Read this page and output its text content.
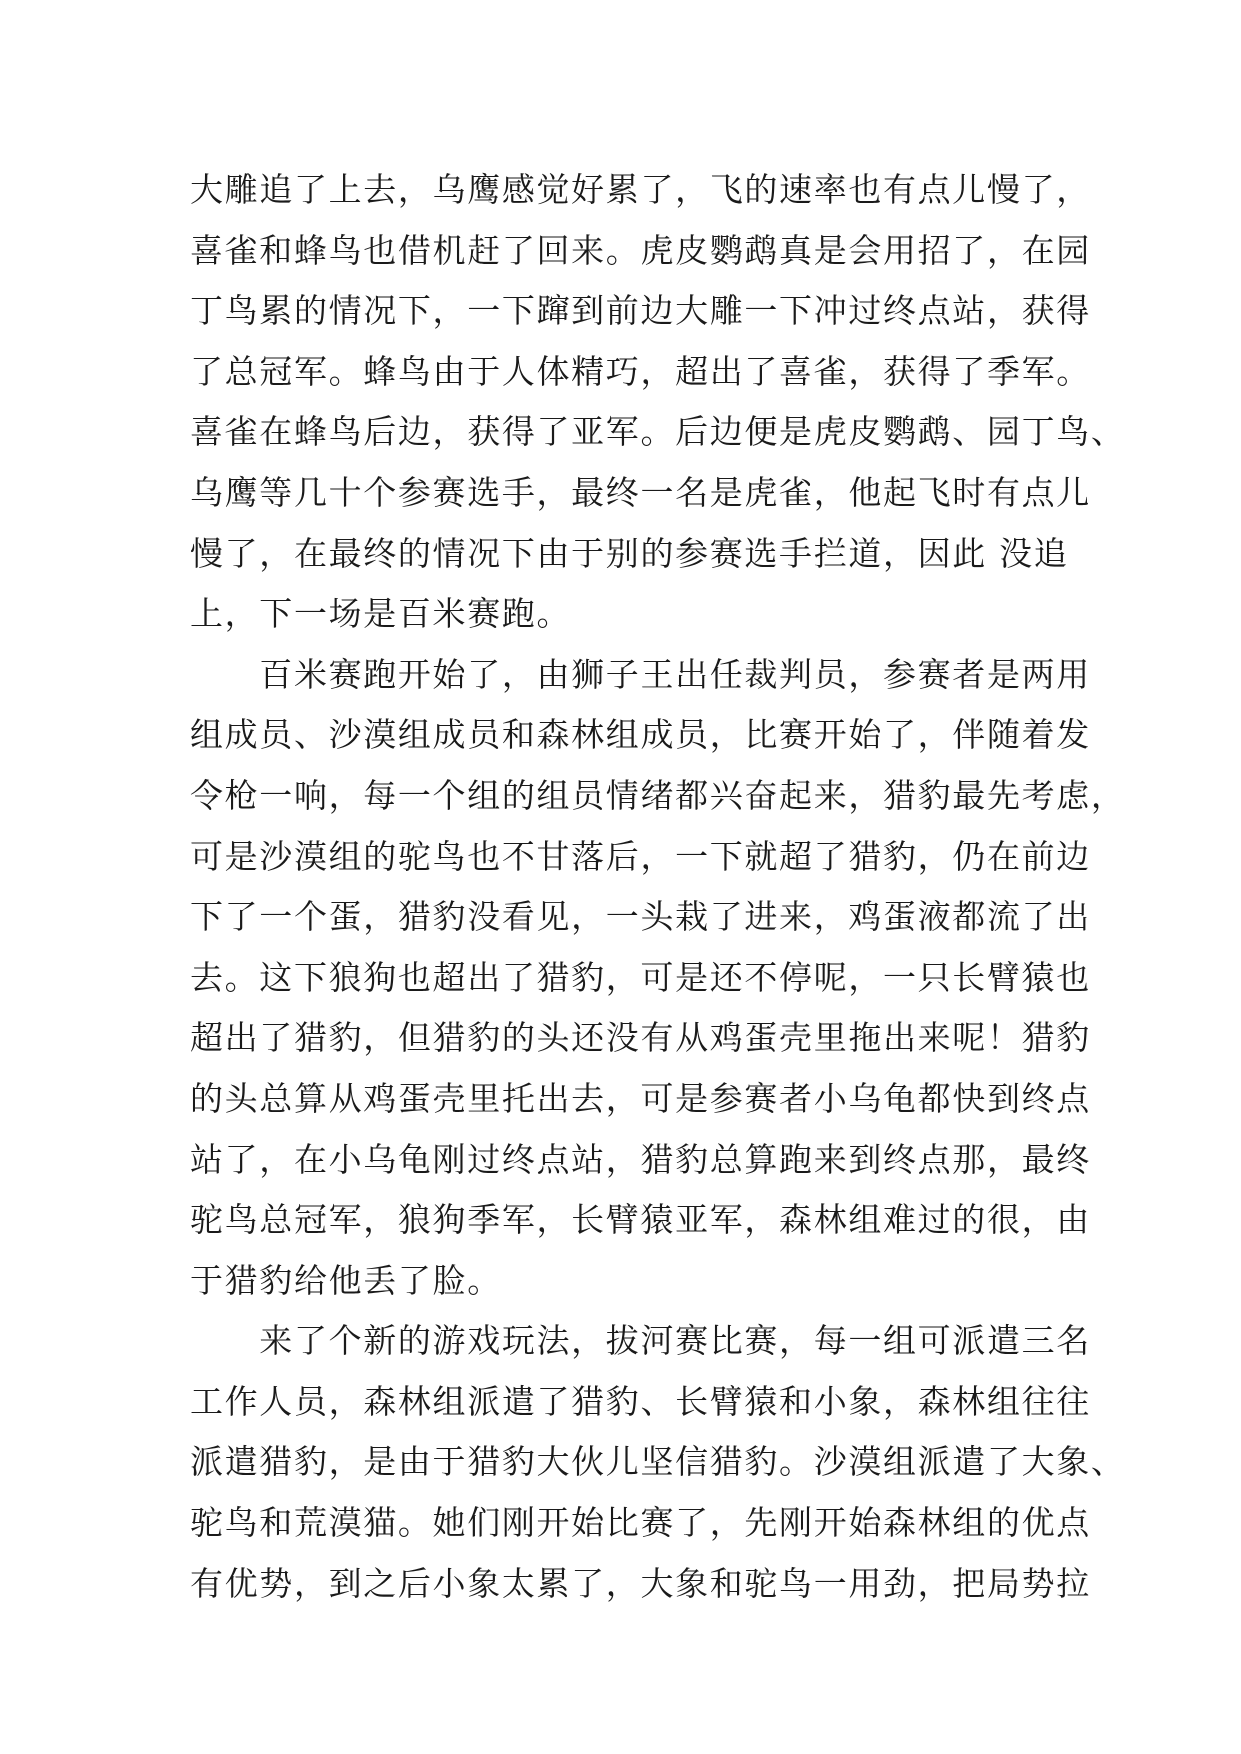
大雕追了上去，乌鹰感觉好累了，飞的速率也有点儿慢了，
喜雀和蜂鸟也借机赶了回来。虎皮鹦鹉真是会用招了，在园
丁鸟累的情况下，一下蹿到前边大雕一下冲过终点站，获得
了总冠军。蜂鸟由于人体精巧，超出了喜雀，获得了季军。
喜雀在蜂鸟后边，获得了亚军。后边便是虎皮鹦鹉、园丁鸟、
乌鹰等几十个参赛选手，最终一名是虎雀，他起飞时有点儿
慢了，在最终的情况下由于别的参赛选手拦道，因此 没追
上，下一场是百米赛跑。
　　百米赛跑开始了，由狮子王出任裁判员，参赛者是两用
组成员、沙漠组成员和森林组成员，比赛开始了，伴随着发
令枪一响，每一个组的组员情绪都兴奋起来，猎豹最先考虑，
可是沙漠组的驼鸟也不甘落后，一下就超了猎豹，仍在前边
下了一个蛋，猎豹没看见，一头栽了进来，鸡蛋液都流了出
去。这下狼狗也超出了猎豹，可是还不停呢，一只长臂猿也
超出了猎豹，但猎豹的头还没有从鸡蛋壳里拖出来呢！猎豹
的头总算从鸡蛋壳里托出去，可是参赛者小乌龟都快到终点
站了，在小乌龟刚过终点站，猎豹总算跑来到终点那，最终
驼鸟总冠军，狼狗季军，长臂猿亚军，森林组难过的很，由
于猎豹给他丢了脸。
　　来了个新的游戏玩法，拔河赛比赛，每一组可派遣三名
工作人员，森林组派遣了猎豹、长臂猿和小象，森林组往往
派遣猎豹，是由于猎豹大伙儿坚信猎豹。沙漠组派遣了大象、
驼鸟和荒漠猫。她们刚开始比赛了，先刚开始森林组的优点
有优势，到之后小象太累了，大象和驼鸟一用劲，把局势拉
